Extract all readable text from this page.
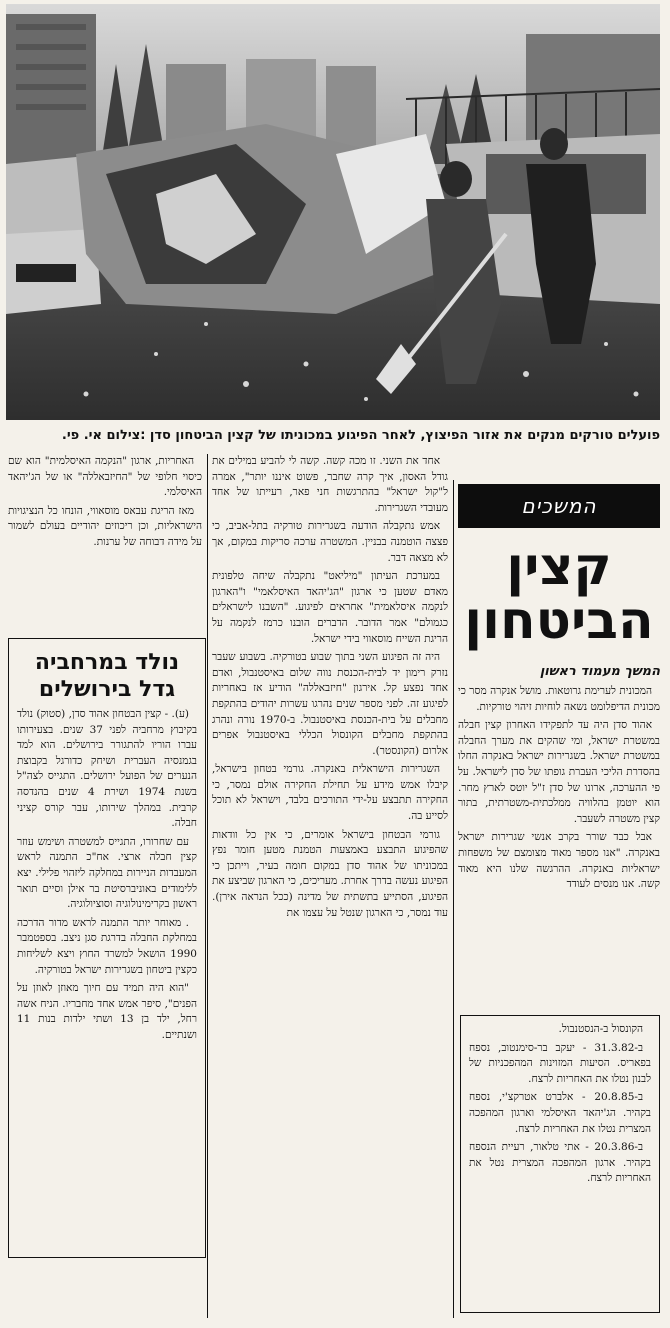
פועלים טורקים מנקים את אזור הפיצוץ, לאחר הפיגוע במכוניתו של קצין הביטחון סדן :צילום אי. פי.
המשכים
קצין
הביטחון
המשך מעמוד ראשון

המכונית לערימת גרוטאות. מושל אנקרה מסר כי מכונית הדיפלומט נשאה לוחיות זיהוי טורקיות.

אהוד סדן היה עד לתפקידו האחרון קצין חבלה במשטרת ישראל, ומי שהקים את מערך החבלה במשטרת ישראל. בשגרירות ישראל באנקרה החלו בהסדרת הליכי העברת גופתו של סדן לישראל. על פי ההערכה, ארונו של סדן ז"ל יוטס לארץ מחר. הוא יוטמן בהלוויה ממלכתית-משטרתית, בתור קצין משטרה לשעבר.

אבל כבד שורר בקרב אנשי שגרירות ישראל באנקרה. "אנו מספר מאוד מצומצם של משפחות ישראליות באנקרה. ההרגשה שלנו היא מאוד קשה. אנו מנסים לעודד

הקונסול ב-הנסטנבול.

ב-31.3.82 - יעקב בר-סימנטוב, נספח בפאריס. הסיעות המזוינות המהפכניות של לבנון נטלו את האחריות לרצח.

ב-20.8.85 - אלברט אטרקצ'י, נספח בקהיר. הג'יהאד האיסלמי וארגון המהפכה המצרית נטלו את האחריות לרצח.

ב-20.3.86 - אתי טלאור, רעיית הנספח בקהיר. ארגון המהפכה המצרית נטל את האחריות לרצח.

אחד את השני. זו מכה קשה. קשה לי להביע במילים את גודל האסון, איך קרה שחבר, פשוט איננו יותר", אמרה ל"קול ישראל" בהתרגשות חני פאר, רעייתו של אחד מעובדי השגרירות.

אמש נתקבלה הודעה בשגרירות טורקיה בתל-אביב, כי פצצה הוטמנה בבניין. המשטרה ערכה סריקות במקום, אך לא מצאה דבר.

במערכת העיתון "מיליאט" נתקבלה שיחה טלפונית מאדם שטען כי ארגון "הג'יהאד האיסלאמי" ו"הארגון לנקמה איסלאמית" אחראים לפיגוע. "השבנו לישראלים כגמולם" אמר הדובר. הדברים הובנו כרמז לנקמה על הריגת השייח מוסאווי בידי ישראל.

היה זה הפיגוע השני בתוך שבוע בטורקיה. בשבוע שעבר נזרק רימון יד לבית-הכנסת נווה שלום באיסטנבול, ואדם אחד נפצע קל. אירגון "חיזבאללה" הודיע אז באחריות לפיגוע זה. לפני מספר שנים נהרגו עשרות יהודים בהתקפת מחבלים על בית-הכנסת באיסטנבול. ב-1970 נורה ונהרג בהתקפת מחבלים הקונסול הכללי באיסטנבול אפרים אלרום (הקונסטר).

השגרירות הישראלית באנקרה. גורמי בטחון בישראל, קיבלו אמש מידע על תחילת החקירה אולם נמסר, כי החקירה תתבצע על-ידי התורכים בלבד, וישראל לא תוכל לסייע בה.

גורמי הבטחון בישראל אומרים, כי אין כל וודאות שהפיגוע התבצע באמצעות הטמנת מטען חומר נפץ במכוניתו של אהוד סדן במקום חומה בעיר, וייתכן כי הפיגוע נעשה בדרך אחרת. מעריכים, כי הארגון שביצע את הפיגוע, הסתייע בתשתית של מדינה (ככל הנראה אירן). עוד נמסר, כי הארגון שנטל על עצמו את

האחריות, ארגון "הנקמה האיסלמית" הוא שם כיסוי חלופי של "החיזבאללה" או של הג'יהאד האיסלמי.

מאז הריגת עבאס מוסאווי, הונחו כל הנציגויות הישראליות, וכן ריכוזים יהודיים בעולם לשמור על מידה דבוחה של ערנות.

נולד במרחביה
גדל בירושלים

(ע). - קצין הבטחון אהוד סדן, (סטוק) נולד בקיבוץ מרחביה לפני 37 שנים. בצעירותו עברו הוריו להתגורר בירושלים. הוא למד בגמנסיה העברית ושיחק כדורגל בקבוצת הנערים של הפועל ירושלים. התגייס לצה"ל בשנת 1974 ושירת 4 שנים בהנדסה קרבית. במהלך שירותו, עבר קורס קציני חבלה.

עם שחרורו, התגייס למשטרה ושימש עוזר קצין חבלה ארצי. אח"כ התמנה לראש המעבדות הניירות במחלקה ליזהוי פלילי. יצא ללימודים באוניברסיטת בר אילן וסיים תואר ראשון בקרימינולוגיה וסוציולוגיה.

. מאוחר יותר התמנה לראש מדור הדרכה במחלקת החבלה בדרגת סגן ניצב. בספטמבר 1990 הושאל למשרד החוץ ויצא לשליחות כקצין ביטחון בשגרירות ישראל בטורקיה.

"הוא היה תמיד עם חיוך מאוזן לאוזן על הפנים", סיפר אמש אחד מחבריו. הניח אשה רחל, ילד בן 13 ושתי ילדות בנות 11 ושנתיים.
